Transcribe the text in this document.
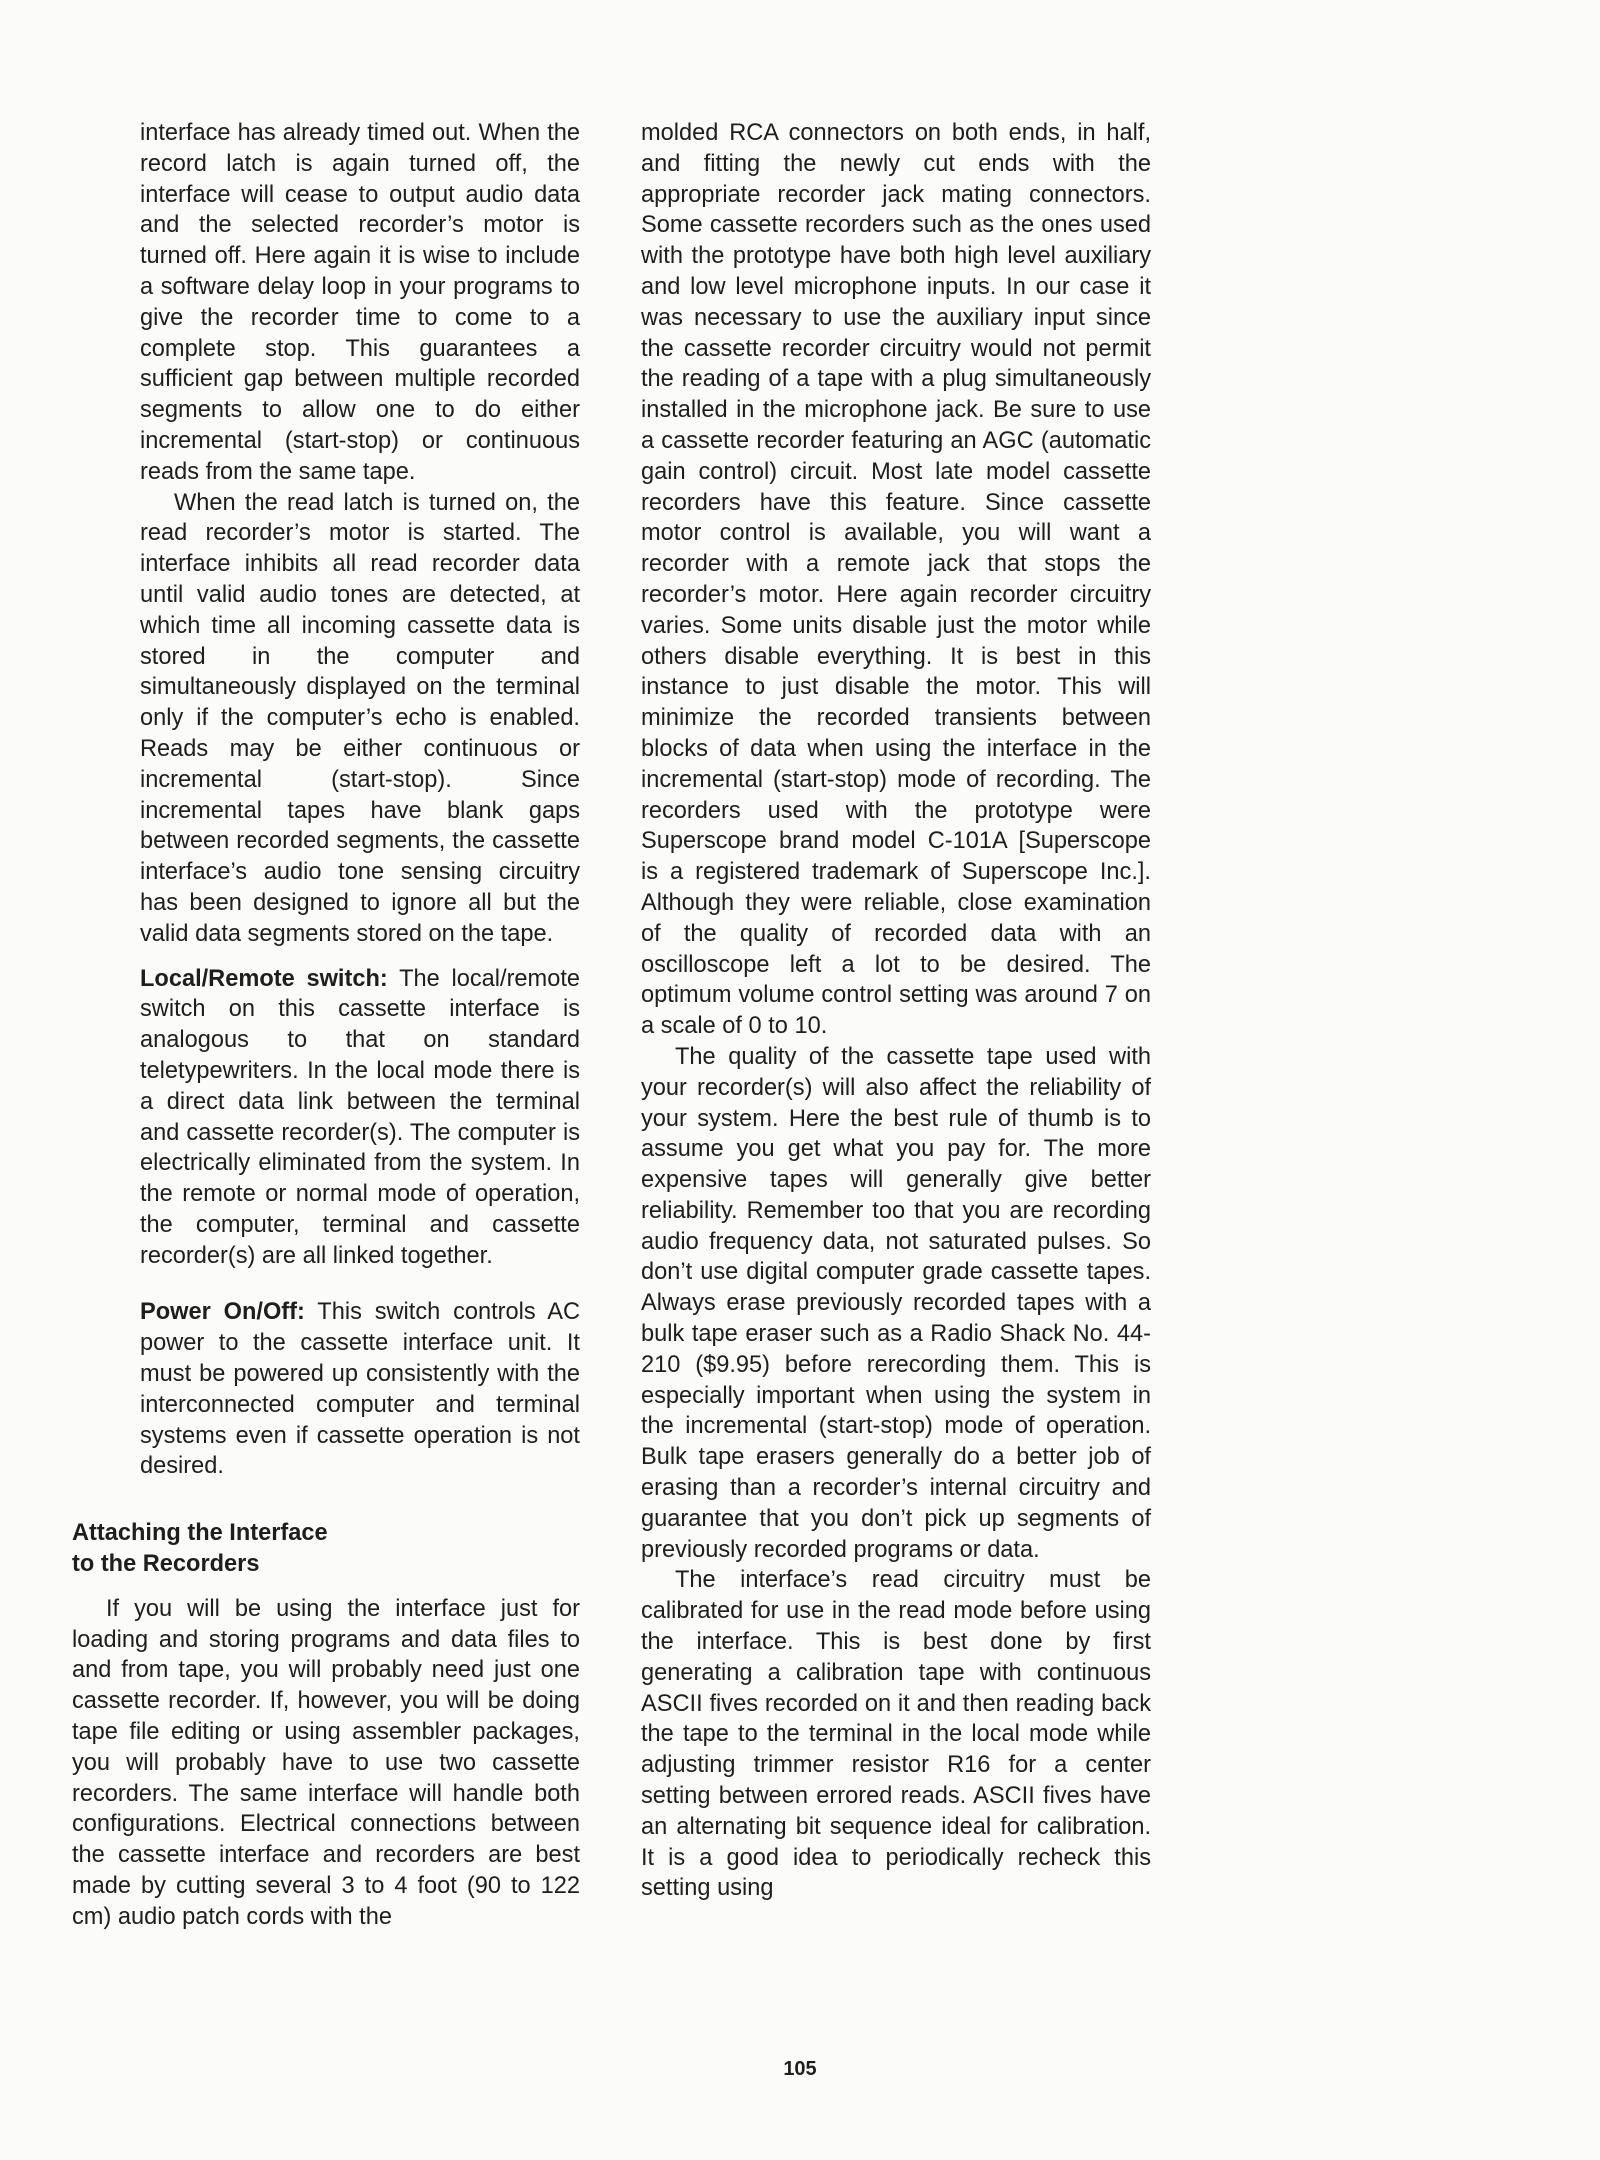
interface has already timed out. When the record latch is again turned off, the interface will cease to output audio data and the selected recorder’s motor is turned off. Here again it is wise to include a software delay loop in your programs to give the recorder time to come to a complete stop. This guarantees a sufficient gap between multiple recorded segments to allow one to do either incremental (start-stop) or continuous reads from the same tape.

When the read latch is turned on, the read recorder’s motor is started. The interface inhibits all read recorder data until valid audio tones are detected, at which time all incoming cassette data is stored in the computer and simultaneously displayed on the terminal only if the computer’s echo is enabled. Reads may be either continuous or incremental (start-stop). Since incremental tapes have blank gaps between recorded segments, the cassette interface’s audio tone sensing circuitry has been designed to ignore all but the valid data segments stored on the tape.

Local/Remote switch: The local/remote switch on this cassette interface is analogous to that on standard teletypewriters. In the local mode there is a direct data link between the terminal and cassette recorder(s). The computer is electrically eliminated from the system. In the remote or normal mode of operation, the computer, terminal and cassette recorder(s) are all linked together.

Power On/Off: This switch controls AC power to the cassette interface unit. It must be powered up consistently with the interconnected computer and terminal systems even if cassette operation is not desired.

Attaching the Interface
to the Recorders

If you will be using the interface just for loading and storing programs and data files to and from tape, you will probably need just one cassette recorder. If, however, you will be doing tape file editing or using assembler packages, you will probably have to use two cassette recorders. The same interface will handle both configurations. Electrical connections between the cassette interface and recorders are best made by cutting several 3 to 4 foot (90 to 122 cm) audio patch cords with the

molded RCA connectors on both ends, in half, and fitting the newly cut ends with the appropriate recorder jack mating connectors. Some cassette recorders such as the ones used with the prototype have both high level auxiliary and low level microphone inputs. In our case it was necessary to use the auxiliary input since the cassette recorder circuitry would not permit the reading of a tape with a plug simultaneously installed in the microphone jack. Be sure to use a cassette recorder featuring an AGC (automatic gain control) circuit. Most late model cassette recorders have this feature. Since cassette motor control is available, you will want a recorder with a remote jack that stops the recorder’s motor. Here again recorder circuitry varies. Some units disable just the motor while others disable everything. It is best in this instance to just disable the motor. This will minimize the recorded transients between blocks of data when using the interface in the incremental (start-stop) mode of recording. The recorders used with the prototype were Superscope brand model C-101A [Superscope is a registered trademark of Superscope Inc.]. Although they were reliable, close examination of the quality of recorded data with an oscilloscope left a lot to be desired. The optimum volume control setting was around 7 on a scale of 0 to 10.

The quality of the cassette tape used with your recorder(s) will also affect the reliability of your system. Here the best rule of thumb is to assume you get what you pay for. The more expensive tapes will generally give better reliability. Remember too that you are recording audio frequency data, not saturated pulses. So don’t use digital computer grade cassette tapes. Always erase previously recorded tapes with a bulk tape eraser such as a Radio Shack No. 44-210 ($9.95) before rerecording them. This is especially important when using the system in the incremental (start-stop) mode of operation. Bulk tape erasers generally do a better job of erasing than a recorder’s internal circuitry and guarantee that you don’t pick up segments of previously recorded programs or data.

The interface’s read circuitry must be calibrated for use in the read mode before using the interface. This is best done by first generating a calibration tape with continuous ASCII fives recorded on it and then reading back the tape to the terminal in the local mode while adjusting trimmer resistor R16 for a center setting between errored reads. ASCII fives have an alternating bit sequence ideal for calibration. It is a good idea to periodically recheck this setting using

105
